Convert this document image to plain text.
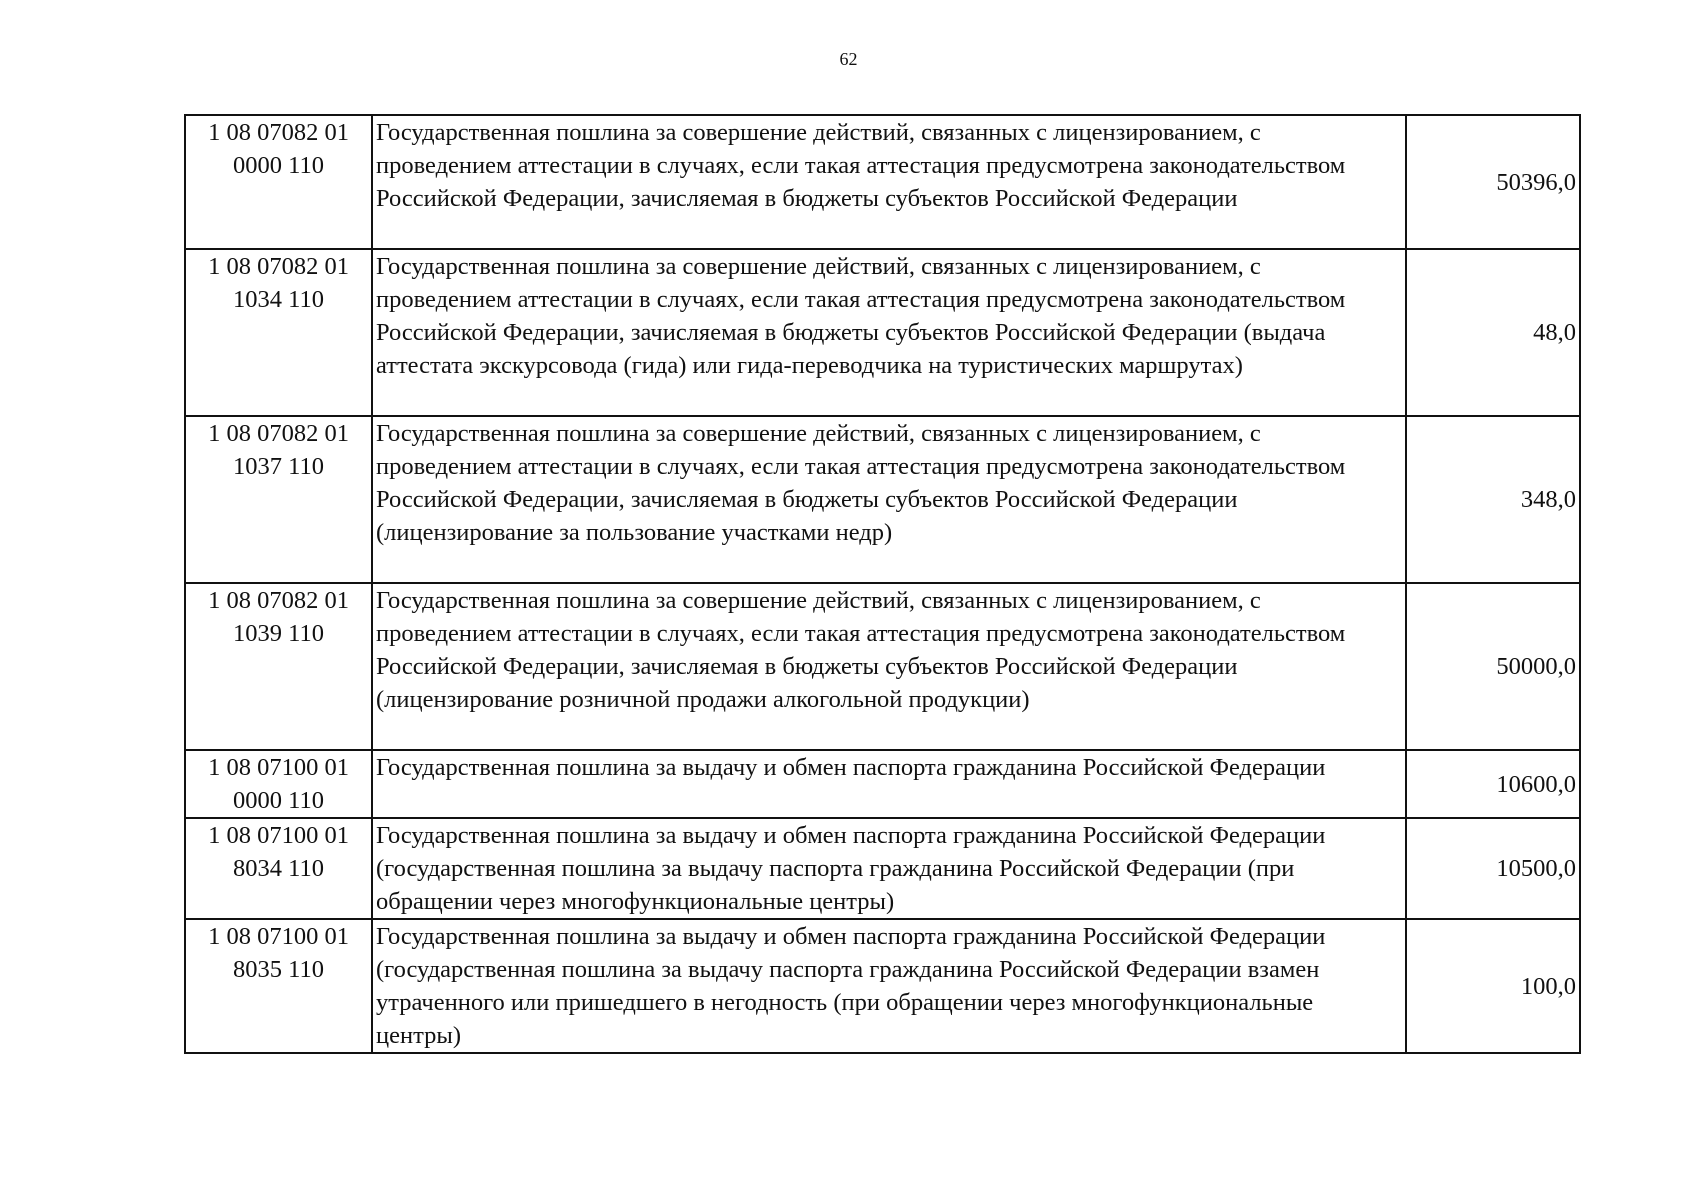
62
1 08 07082 01 0000 110	Государственная пошлина за совершение действий, связанных с лицензированием, с проведением аттестации в случаях, если такая аттестация предусмотрена законодательством Российской Федерации, зачисляемая в бюджеты субъектов Российской Федерации	50396,0
1 08 07082 01 1034 110	Государственная пошлина за совершение действий, связанных с лицензированием, с проведением аттестации в случаях, если такая аттестация предусмотрена законодательством Российской Федерации, зачисляемая в бюджеты субъектов Российской Федерации (выдача аттестата экскурсовода (гида) или гида-переводчика на туристических маршрутах)	48,0
1 08 07082 01 1037 110	Государственная пошлина за совершение действий, связанных с лицензированием, с проведением аттестации в случаях, если такая аттестация предусмотрена законодательством Российской Федерации, зачисляемая в бюджеты субъектов Российской Федерации (лицензирование за пользование участками недр)	348,0
1 08 07082 01 1039 110	Государственная пошлина за совершение действий, связанных с лицензированием, с проведением аттестации в случаях, если такая аттестация предусмотрена законодательством Российской Федерации, зачисляемая в бюджеты субъектов Российской Федерации (лицензирование розничной продажи алкогольной продукции)	50000,0
1 08 07100 01 0000 110	Государственная пошлина за выдачу и обмен паспорта гражданина Российской Федерации	10600,0
1 08 07100 01 8034 110	Государственная пошлина за выдачу и обмен паспорта гражданина Российской Федерации (государственная пошлина за выдачу паспорта гражданина Российской Федерации (при обращении через многофункциональные центры)	10500,0
1 08 07100 01 8035 110	Государственная пошлина за выдачу и обмен паспорта гражданина Российской Федерации (государственная пошлина за выдачу паспорта гражданина Российской Федерации взамен утраченного или пришедшего в негодность (при обращении через многофункциональные центры)	100,0
